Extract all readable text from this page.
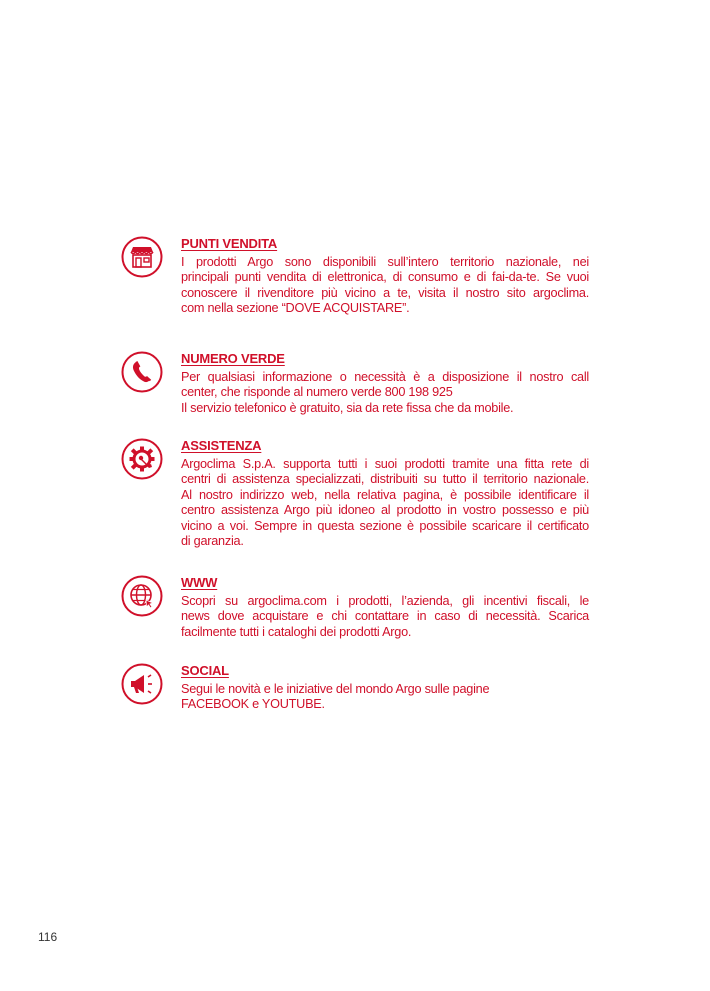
PUNTI VENDITA

I prodotti Argo sono disponibili sull’intero territorio nazionale, nei
principali punti vendita di elettronica, di consumo e di fai-da-te. Se vuoi
conoscere il rivenditore più vicino a te, visita il nostro sito argoclima.
com nella sezione “DOVE ACQUISTARE”.

NUMERO VERDE

Per qualsiasi informazione o necessità è a disposizione il nostro call
center, che risponde al numero verde 800 198 925
Il servizio telefonico è gratuito, sia da rete fissa che da mobile.

ASSISTENZA

Argoclima S.p.A. supporta tutti i suoi prodotti tramite una fitta rete di
centri di assistenza specializzati, distribuiti su tutto il territorio nazionale.
Al nostro indirizzo web, nella relativa pagina, è possibile identificare il
centro assistenza Argo più idoneo al prodotto in vostro possesso e più
vicino a voi. Sempre in questa sezione è possibile scaricare il certificato
di garanzia.

WWW

Scopri su argoclima.com i prodotti, l’azienda, gli incentivi fiscali, le
news dove acquistare e chi contattare in caso di necessità. Scarica
facilmente tutti i cataloghi dei prodotti Argo.

SOCIAL

Segui le novità e le iniziative del mondo Argo sulle pagine
FACEBOOK e YOUTUBE.

116
